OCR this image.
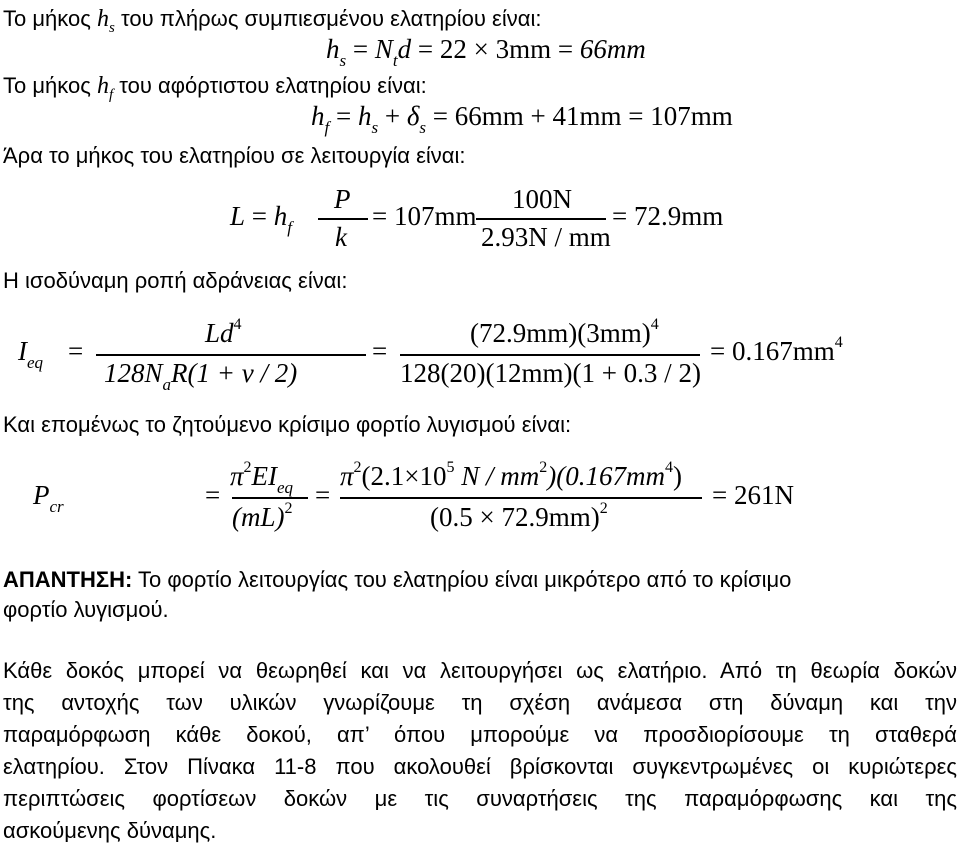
Το μήκος $h_s$ του πλήρως συμπιεσμένου ελατηρίου είναι:
$h_s = N_td = 22 \times 3mm = 66mm$
Το μήκος $h_f$ του αφόρτιστου ελατηρίου είναι:
$h_f = h_s + \delta_s = 66mm + 41mm = 107mm$
Άρα το μήκος του ελατηρίου σε λειτουργία είναι:
$L = h_f$
P
k
= 107mm
100N
2.93N / mm
= 72.9mm
Η ισοδύναμη ροπή αδράνειας είναι:
$I_{eq}$ =
$Ld^4$
$128N_aR(1 + v / 2)$
=
$(72.9mm)(3mm)^4$
128(20)(12mm)(1 + 0.3 / 2)
= $0.167mm^4$
Και επομένως το ζητούμενο κρίσιμο φορτίο λυγισμού είναι:
$P_{cr}$	=
$\pi^2EI_{eq}$
(mL)$^2$ =
$\pi^2(2.1\times 10^5$ N / $mm^2)(0.167mm^4)$
$(0.5 \times 72.9mm)^2$	= 261N
ΑΠΑΝΤΗΣΗ: Το φορτίο λειτουργίας του ελατηρίου είναι μικρότερο από το κρίσιμο
φορτίο λυγισμού.
Κάθε δοκός μπορεί να θεωρηθεί και να λειτουργήσει ως ελατήριο. Από τη θεωρία δοκών
της αντοχής των υλικών γνωρίζουμε τη σχέση ανάμεσα στη δύναμη και την
παραμόρφωση κάθε δοκού, απ’ όπου μπορούμε να προσδιορίσουμε τη σταθερά
ελατηρίου. Στον Πίνακα 11-8 που ακολουθεί βρίσκονται συγκεντρωμένες οι κυριώτερες
περιπτώσεις φορτίσεων δοκών με τις συναρτήσεις της παραμόρφωσης και της
ασκούμενης δύναμης.
